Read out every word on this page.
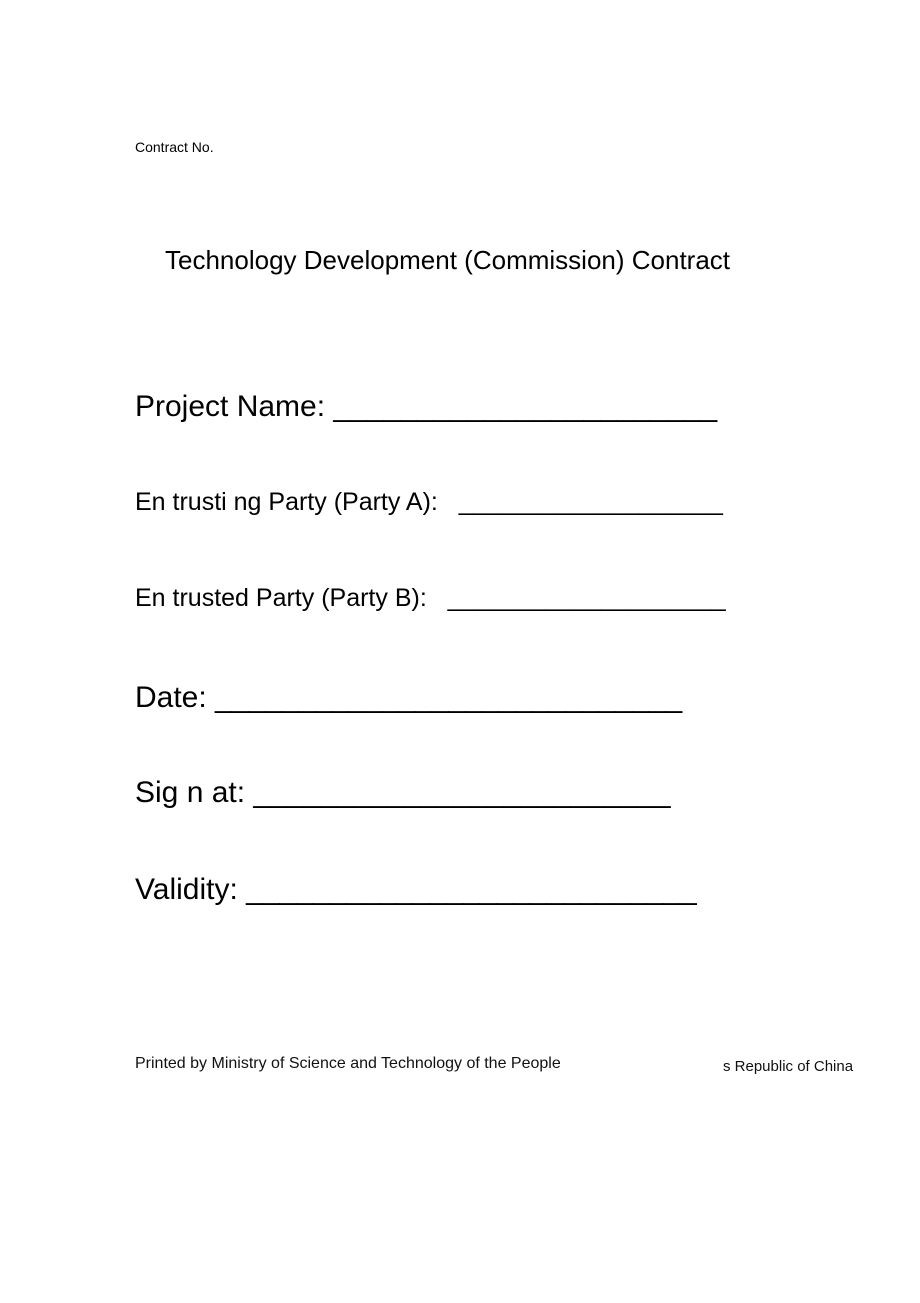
Contract No.
Technology Development (Commission) Contract
Project Name: _______________________
En trusti ng Party (Party A):   ___________________
En trusted Party (Party B):   ____________________
Date: ____________________________
Sig n at: _________________________
Validity: ___________________________
Printed by Ministry of Science and Technology of the People	s Republic of China
